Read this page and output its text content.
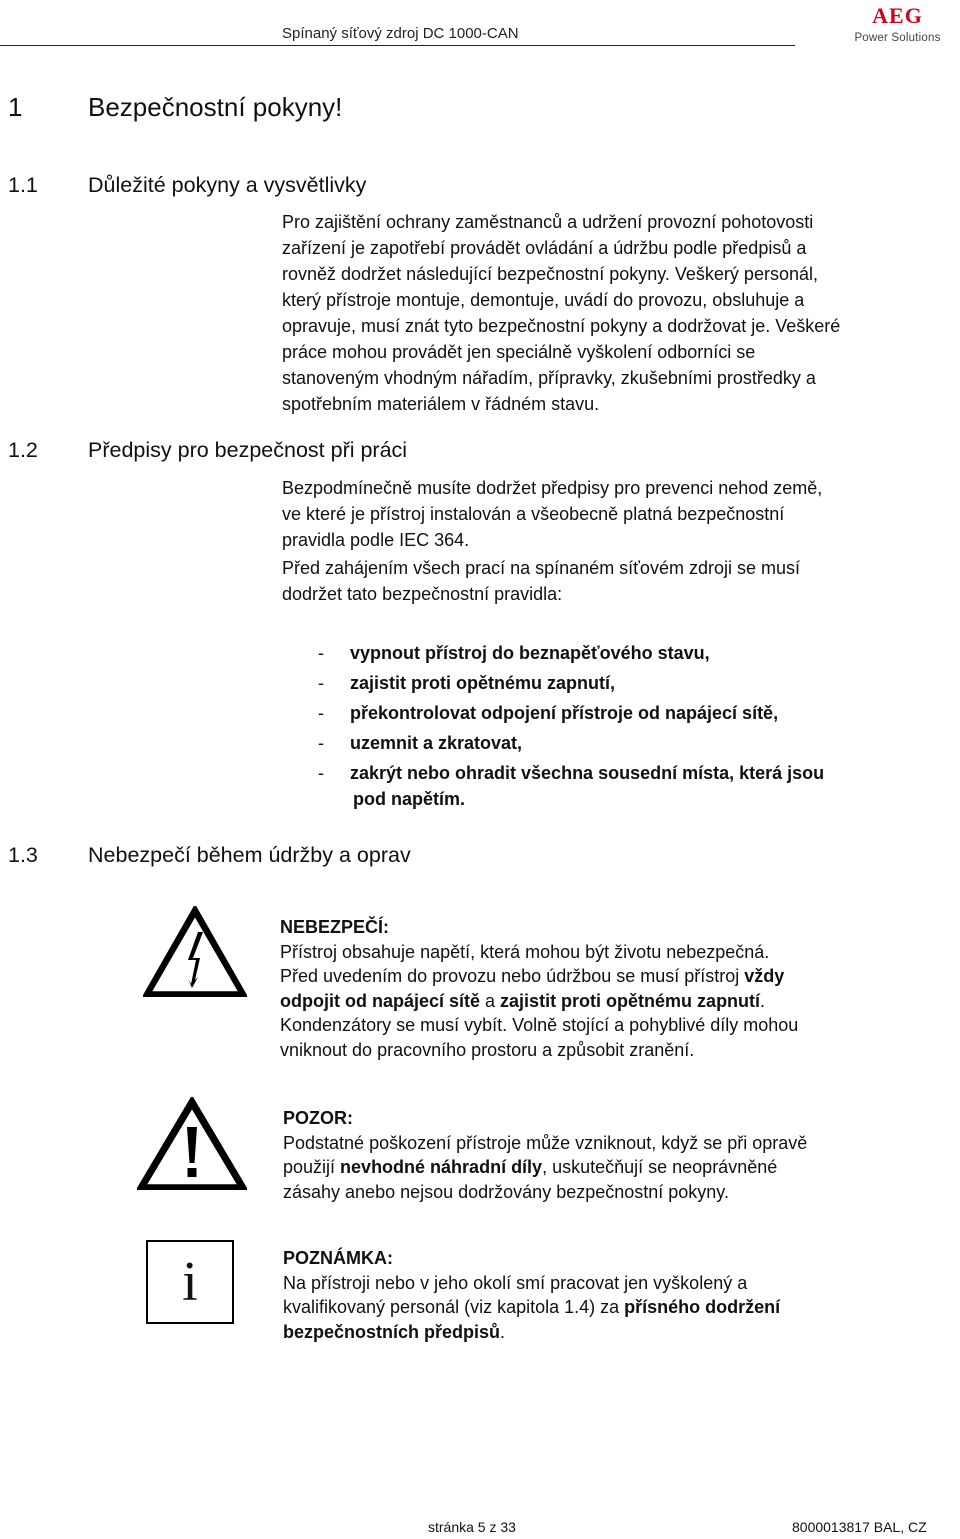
Spínaný síťový zdroj DC 1000-CAN
AEG
Power Solutions
1	Bezpečnostní pokyny!
1.1 Důležité pokyny a vysvětlivky
Pro zajištění ochrany zaměstnanců a udržení provozní pohotovosti
zařízení je zapotřebí provádět ovládání a údržbu podle předpisů a
rovněž dodržet následující bezpečnostní pokyny. Veškerý personál,
který přístroje montuje, demontuje, uvádí do provozu, obsluhuje a
opravuje, musí znát tyto bezpečnostní pokyny a dodržovat je. Veškeré
práce mohou provádět jen speciálně vyškolení odborníci se
stanoveným vhodným nářadím, přípravky, zkušebními prostředky a
spotřebním materiálem v řádném stavu.
1.2 Předpisy pro bezpečnost při práci
Bezpodmínečně musíte dodržet předpisy pro prevenci nehod země,
ve které je přístroj instalován a všeobecně platná bezpečnostní
pravidla podle IEC 364.
Před zahájením všech prací na spínaném síťovém zdroji se musí
dodržet tato bezpečnostní pravidla:
- vypnout přístroj do beznapěťového stavu,
- zajistit proti opětnému zapnutí,
- překontrolovat odpojení přístroje od napájecí sítě,
- uzemnit a zkratovat,
- zakrýt nebo ohradit všechna sousední místa, která jsou
pod napětím.
1.3 Nebezpečí během údržby a oprav
NEBEZPEČÍ:
Přístroj obsahuje napětí, která mohou být životu nebezpečná.
Před uvedením do provozu nebo údržbou se musí přístroj vždy
odpojit od napájecí sítě a zajistit proti opětnému zapnutí.
Kondenzátory se musí vybít. Volně stojící a pohyblivé díly mohou
vniknout do pracovního prostoru a způsobit zranění.
POZOR:
Podstatné poškození přístroje může vzniknout, když se při opravě
použijí nevhodné náhradní díly, uskutečňují se neoprávněné
zásahy anebo nejsou dodržovány bezpečnostní pokyny.
i	POZNÁMKA:
Na přístroji nebo v jeho okolí smí pracovat jen vyškolený a
kvalifikovaný personál (viz kapitola 1.4) za přísného dodržení
bezpečnostních předpisů.
stránka 5 z 33	8000013817 BAL, CZ
